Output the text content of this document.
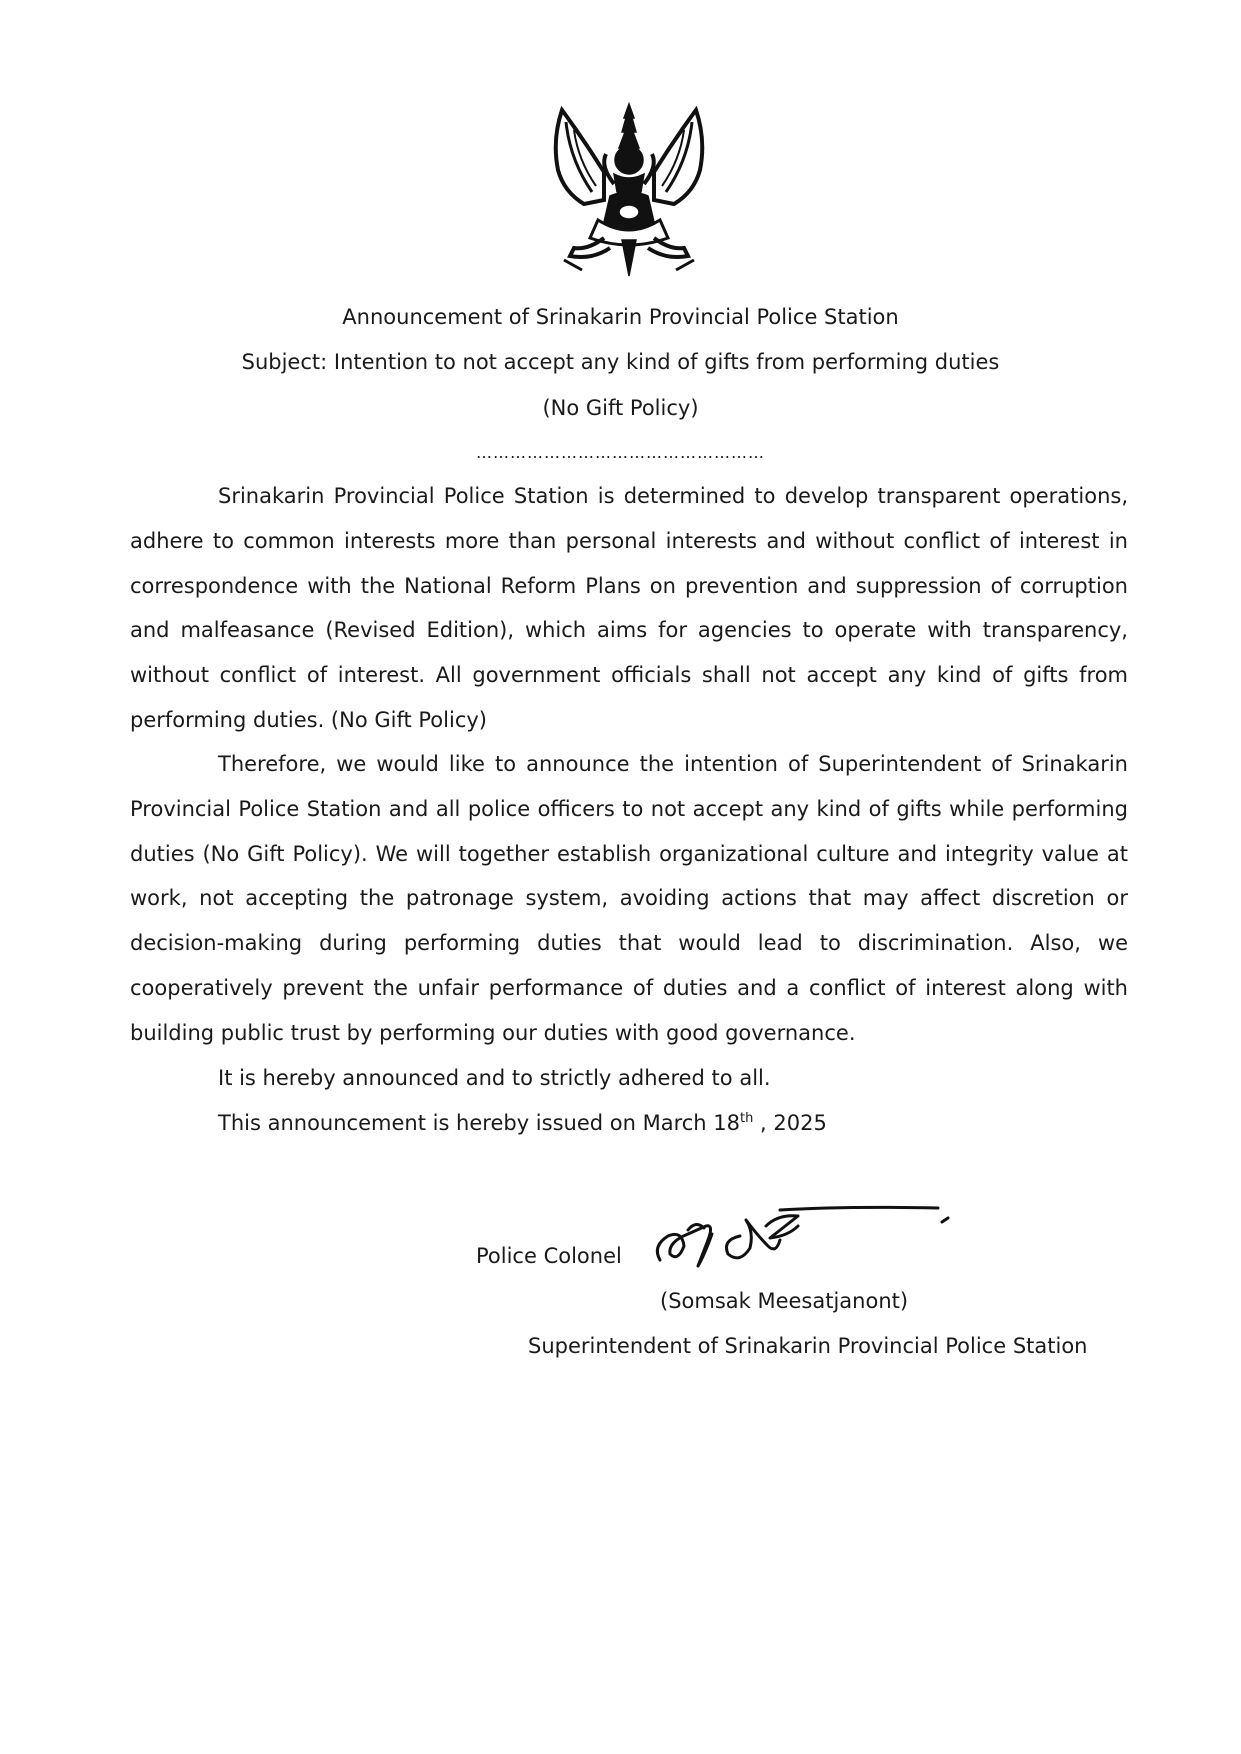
Announcement of Srinakarin Provincial Police Station
Subject: Intention to not accept any kind of gifts from performing duties
(No Gift Policy)
……………………………………………
Srinakarin Provincial Police Station is determined to develop transparent operations, adhere to common interests more than personal interests and without conflict of interest in correspondence with the National Reform Plans on prevention and suppression of corruption and malfeasance (Revised Edition), which aims for agencies to operate with transparency, without conflict of interest. All government officials shall not accept any kind of gifts from performing duties. (No Gift Policy)
Therefore, we would like to announce the intention of Superintendent of Srinakarin Provincial Police Station and all police officers to not accept any kind of gifts while performing duties (No Gift Policy). We will together establish organizational culture and integrity value at work, not accepting the patronage system, avoiding actions that may affect discretion or decision-making during performing duties that would lead to discrimination. Also, we cooperatively prevent the unfair performance of duties and a conflict of interest along with building public trust by performing our duties with good governance.
It is hereby announced and to strictly adhered to all.
This announcement is hereby issued on March 18th , 2025
Police Colonel
(Somsak Meesatjanont)
Superintendent of Srinakarin Provincial Police Station
